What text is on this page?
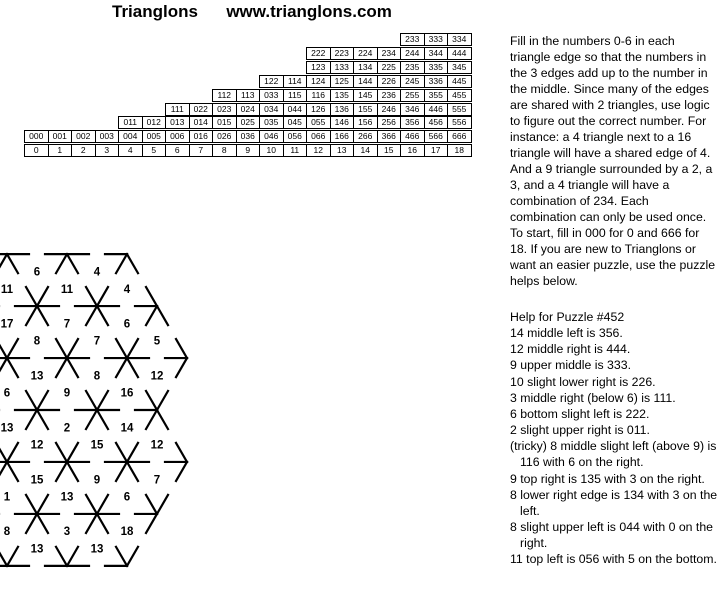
Trianglons www.trianglons.com
233	333	334
222	223	224	234	244	344	444
123	133	134	225	235	335	345
122	114	124	125	144	226	245	336	445
112	113	033	115	116	135	145	236	255	355	455
111	022	023	024	034	044	126	136	155	246	346	446	555
011	012	013	014	015	025	035	045	055	146	156	256	356	456	556
000	001	002	003	004	005	006	016	026	036	046	056	066	166	266	366	466	566	666
0	1	2	3	4	5	6	7	8	9	10	11	12	13	14	15	16	17	18
6	4
11	11	4
17	7	6
8	7	5
13	8	12
6	9	16
13	2	14
12	15	12
15	9	7
1	13	6
8	3	18
13	13
Fill in the numbers 0-6 in each triangle edge so that the numbers in the 3 edges add up to the number in the middle. Since many of the edges are shared with 2 triangles, use logic to figure out the correct number. For instance: a 4 triangle next to a 16 triangle will have a shared edge of 4. And a 9 triangle surrounded by a 2, a 3, and a 4 triangle will have a combination of 234. Each combination can only be used once. To start, fill in 000 for 0 and 666 for 18. If you are new to Trianglons or want an easier puzzle, use the puzzle helps below.
Help for Puzzle #452
14 middle left is 356.
12 middle right is 444.
9 upper middle is 333.
10 slight lower right is 226.
3 middle right (below 6) is 111.
6 bottom slight left is 222.
2 slight upper right is 011.
(tricky) 8 middle slight left (above 9) is 116 with 6 on the right.
9 top right is 135 with 3 on the right.
8 lower right edge is 134 with 3 on the left.
8 slight upper left is 044 with 0 on the right.
11 top left is 056 with 5 on the bottom.
